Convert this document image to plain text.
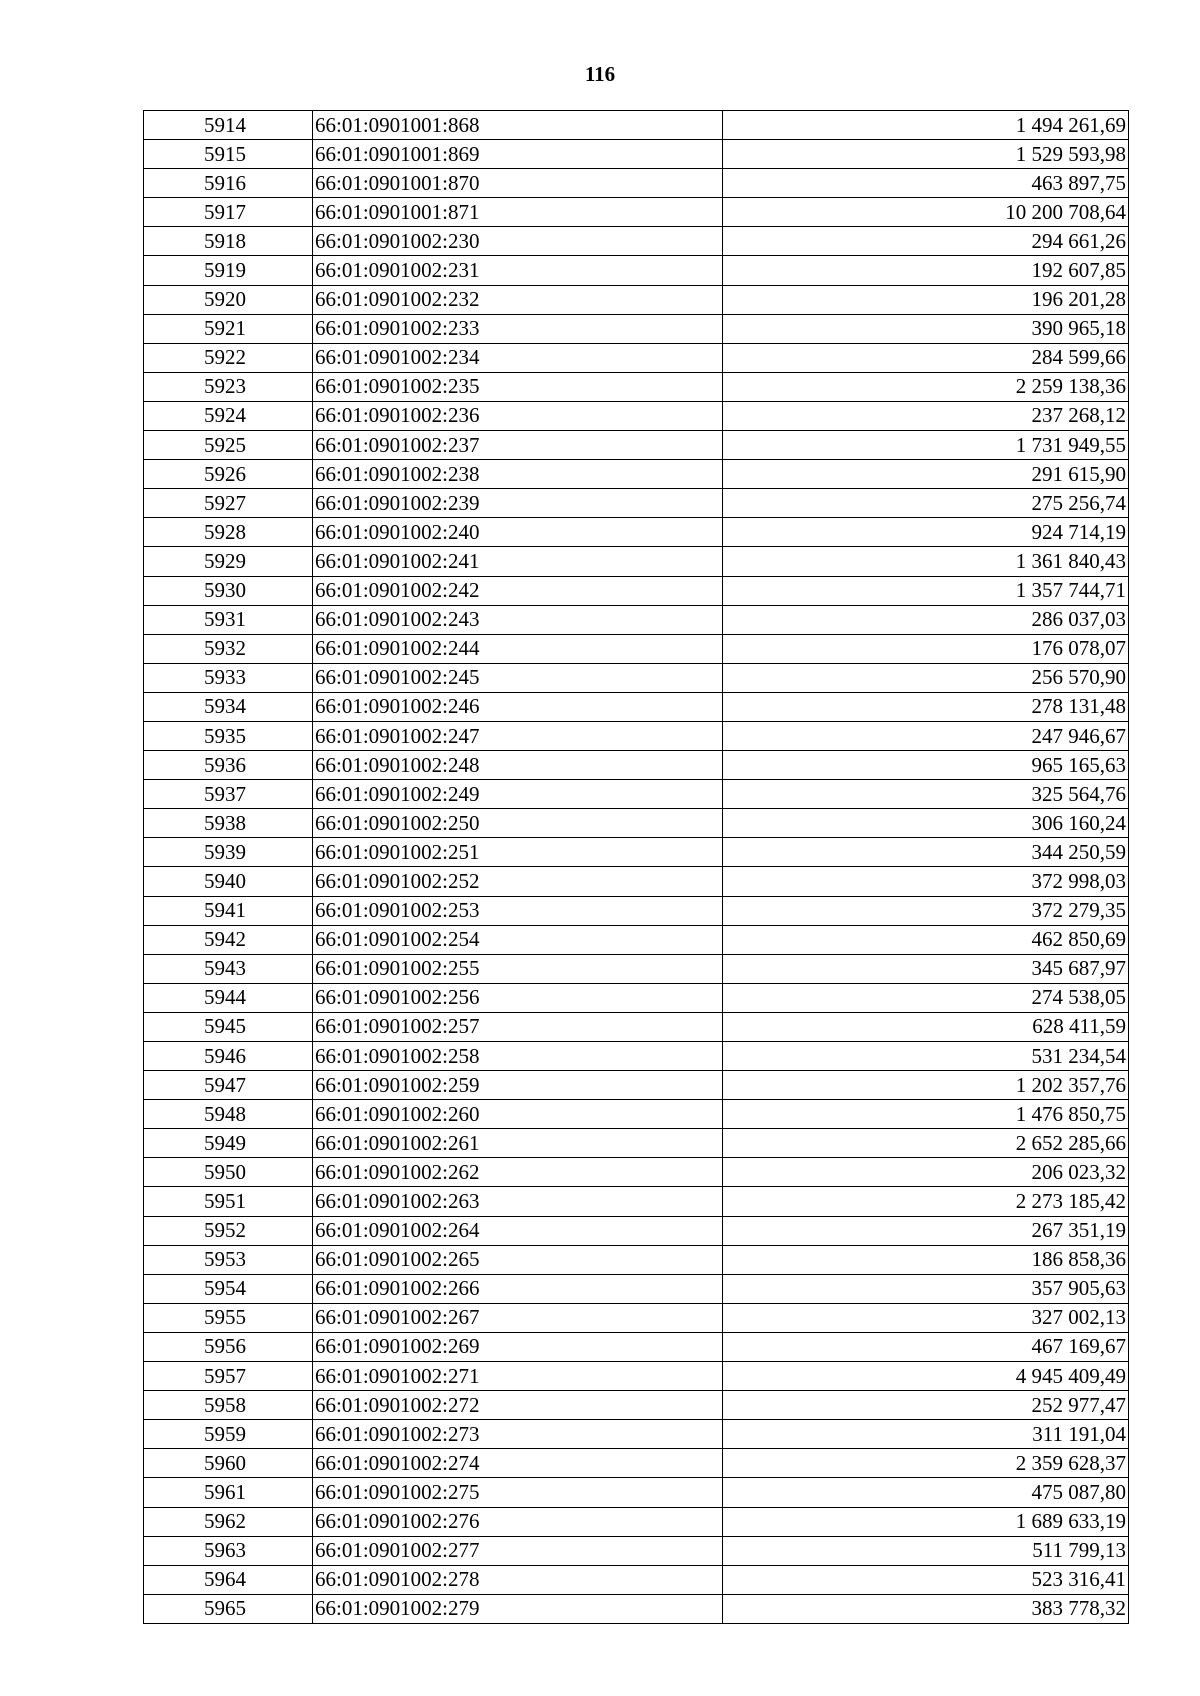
116
5914	66:01:0901001:868	1 494 261,69
5915	66:01:0901001:869	1 529 593,98
5916	66:01:0901001:870	463 897,75
5917	66:01:0901001:871	10 200 708,64
5918	66:01:0901002:230	294 661,26
5919	66:01:0901002:231	192 607,85
5920	66:01:0901002:232	196 201,28
5921	66:01:0901002:233	390 965,18
5922	66:01:0901002:234	284 599,66
5923	66:01:0901002:235	2 259 138,36
5924	66:01:0901002:236	237 268,12
5925	66:01:0901002:237	1 731 949,55
5926	66:01:0901002:238	291 615,90
5927	66:01:0901002:239	275 256,74
5928	66:01:0901002:240	924 714,19
5929	66:01:0901002:241	1 361 840,43
5930	66:01:0901002:242	1 357 744,71
5931	66:01:0901002:243	286 037,03
5932	66:01:0901002:244	176 078,07
5933	66:01:0901002:245	256 570,90
5934	66:01:0901002:246	278 131,48
5935	66:01:0901002:247	247 946,67
5936	66:01:0901002:248	965 165,63
5937	66:01:0901002:249	325 564,76
5938	66:01:0901002:250	306 160,24
5939	66:01:0901002:251	344 250,59
5940	66:01:0901002:252	372 998,03
5941	66:01:0901002:253	372 279,35
5942	66:01:0901002:254	462 850,69
5943	66:01:0901002:255	345 687,97
5944	66:01:0901002:256	274 538,05
5945	66:01:0901002:257	628 411,59
5946	66:01:0901002:258	531 234,54
5947	66:01:0901002:259	1 202 357,76
5948	66:01:0901002:260	1 476 850,75
5949	66:01:0901002:261	2 652 285,66
5950	66:01:0901002:262	206 023,32
5951	66:01:0901002:263	2 273 185,42
5952	66:01:0901002:264	267 351,19
5953	66:01:0901002:265	186 858,36
5954	66:01:0901002:266	357 905,63
5955	66:01:0901002:267	327 002,13
5956	66:01:0901002:269	467 169,67
5957	66:01:0901002:271	4 945 409,49
5958	66:01:0901002:272	252 977,47
5959	66:01:0901002:273	311 191,04
5960	66:01:0901002:274	2 359 628,37
5961	66:01:0901002:275	475 087,80
5962	66:01:0901002:276	1 689 633,19
5963	66:01:0901002:277	511 799,13
5964	66:01:0901002:278	523 316,41
5965	66:01:0901002:279	383 778,32
